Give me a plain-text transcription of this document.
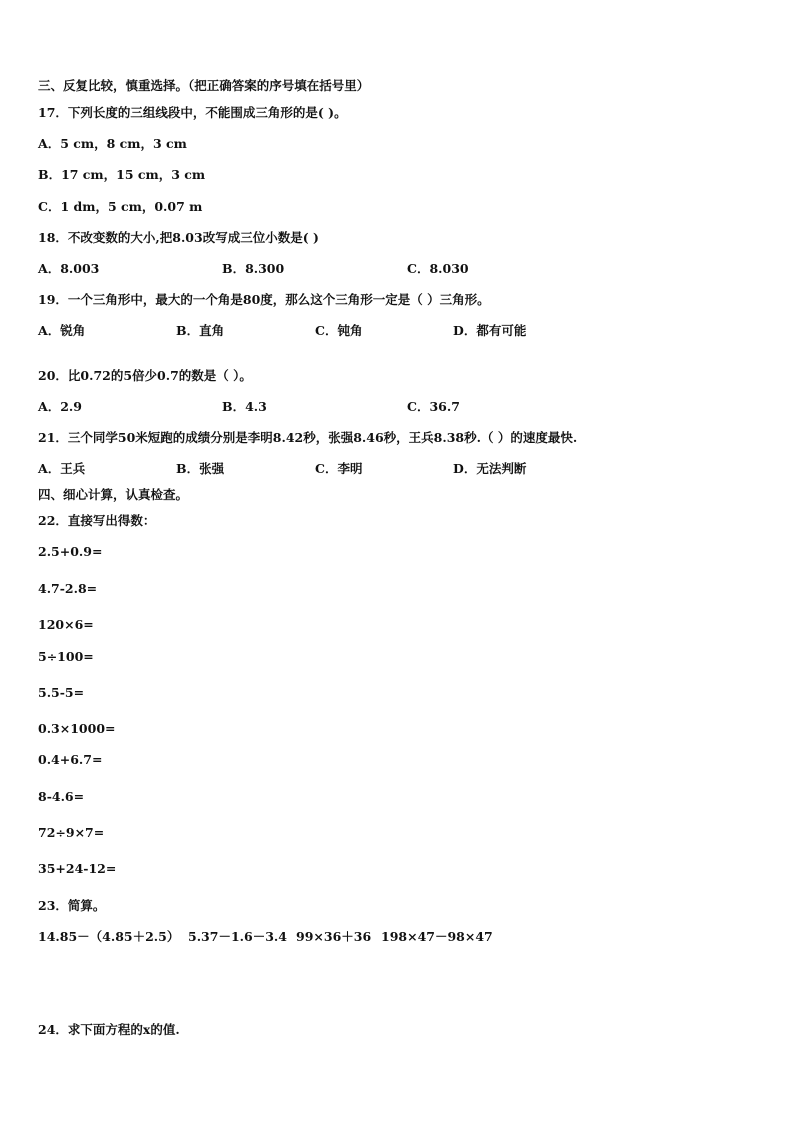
三、反复比较，慎重选择。（把正确答案的序号填在括号里）
17．下列长度的三组线段中，不能围成三角形的是( )。
A．5 cm，8 cm，3 cm
B．17 cm，15 cm，3 cm
C．1 dm，5 cm，0.07 m
18．不改变数的大小,把8.03改写成三位小数是( )
A．8.003	B．8.300	C．8.030
19．一个三角形中，最大的一个角是80度，那么这个三角形一定是（ ）三角形。
A．锐角	B．直角	C．钝角	D．都有可能
20．比0.72的5倍少0.7的数是（ ）。
A．2.9	B．4.3	C．36.7
21．三个同学50米短跑的成绩分别是李明8.42秒，张强8.46秒，王兵8.38秒.（ ）的速度最快.
A．王兵	B．张强	C．李明	D．无法判断
四、细心计算，认真检查。
22．直接写出得数：
2.5+0.9=
4.7-2.8=
120×6=
5÷100=
5.5-5=
0.3×1000=
0.4+6.7=
8-4.6=
72÷9×7=
35+24-12=
23．简算。
14.85－（4.85＋2.5） 5.37－1.6－3.4 99×36＋36 198×47－98×47
24．求下面方程的x的值.
